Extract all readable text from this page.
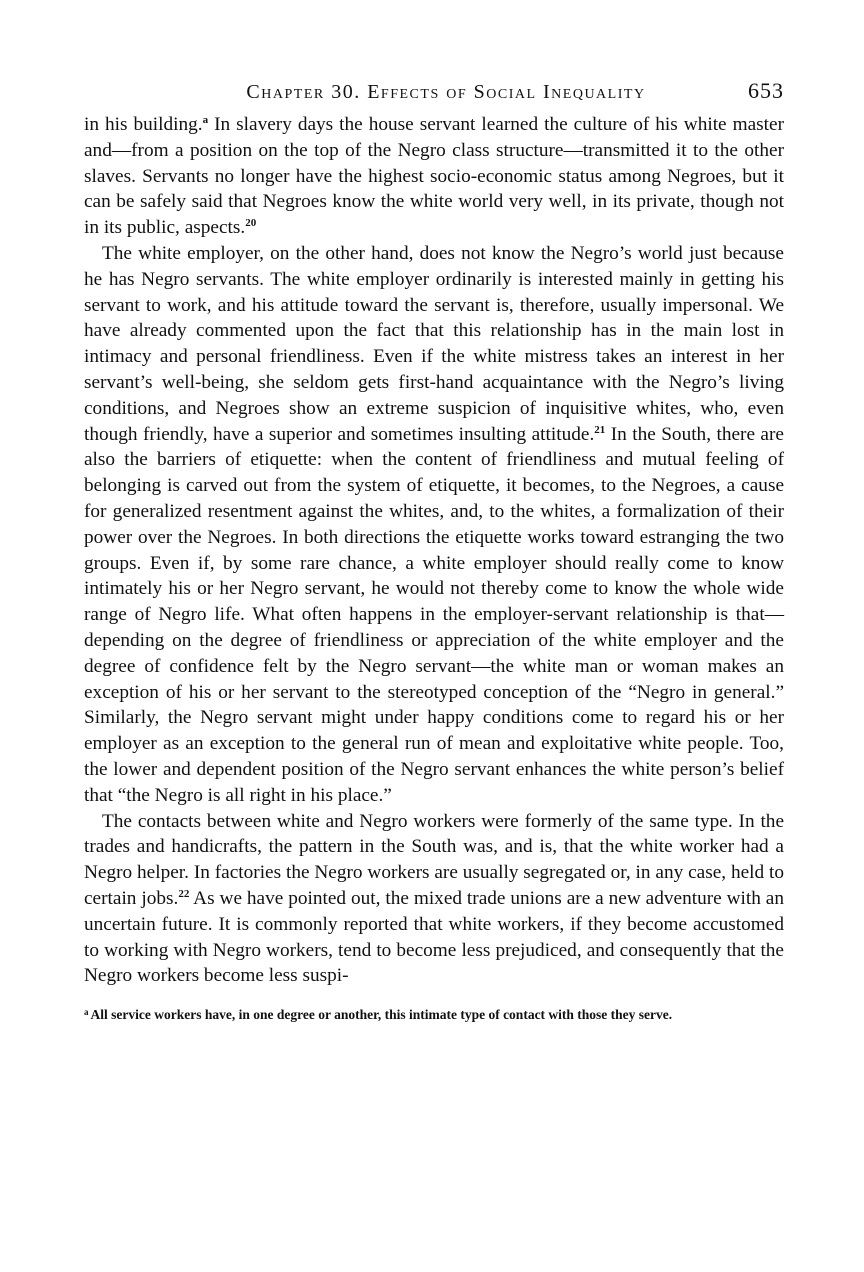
Chapter 30. Effects of Social Inequality	653

in his building.$^a$ In slavery days the house servant learned the culture of his white master and—from a position on the top of the Negro class structure—transmitted it to the other slaves. Servants no longer have the highest socio-economic status among Negroes, but it can be safely said that Negroes know the white world very well, in its private, though not in its public, aspects.$^{20}$

The white employer, on the other hand, does not know the Negro’s world just because he has Negro servants. The white employer ordinarily is interested mainly in getting his servant to work, and his attitude toward the servant is, therefore, usually impersonal. We have already commented upon the fact that this relationship has in the main lost in intimacy and personal friendliness. Even if the white mistress takes an interest in her servant’s well-being, she seldom gets first-hand acquaintance with the Negro’s living conditions, and Negroes show an extreme suspicion of inquisitive whites, who, even though friendly, have a superior and sometimes insulting attitude.$^{21}$ In the South, there are also the barriers of etiquette: when the content of friendliness and mutual feeling of belonging is carved out from the system of etiquette, it becomes, to the Negroes, a cause for generalized resentment against the whites, and, to the whites, a formalization of their power over the Negroes. In both directions the etiquette works toward estranging the two groups. Even if, by some rare chance, a white employer should really come to know intimately his or her Negro servant, he would not thereby come to know the whole wide range of Negro life. What often happens in the employer-servant relationship is that—depending on the degree of friendliness or appreciation of the white employer and the degree of confidence felt by the Negro servant—the white man or woman makes an exception of his or her servant to the stereotyped conception of the “Negro in general.” Similarly, the Negro servant might under happy conditions come to regard his or her employer as an exception to the general run of mean and exploitative white people. Too, the lower and dependent position of the Negro servant enhances the white person’s belief that “the Negro is all right in his place.”

The contacts between white and Negro workers were formerly of the same type. In the trades and handicrafts, the pattern in the South was, and is, that the white worker had a Negro helper. In factories the Negro workers are usually segregated or, in any case, held to certain jobs.$^{22}$ As we have pointed out, the mixed trade unions are a new adventure with an uncertain future. It is commonly reported that white workers, if they become accustomed to working with Negro workers, tend to become less prejudiced, and consequently that the Negro workers become less suspi-

$^a$ All service workers have, in one degree or another, this intimate type of contact with those they serve.
